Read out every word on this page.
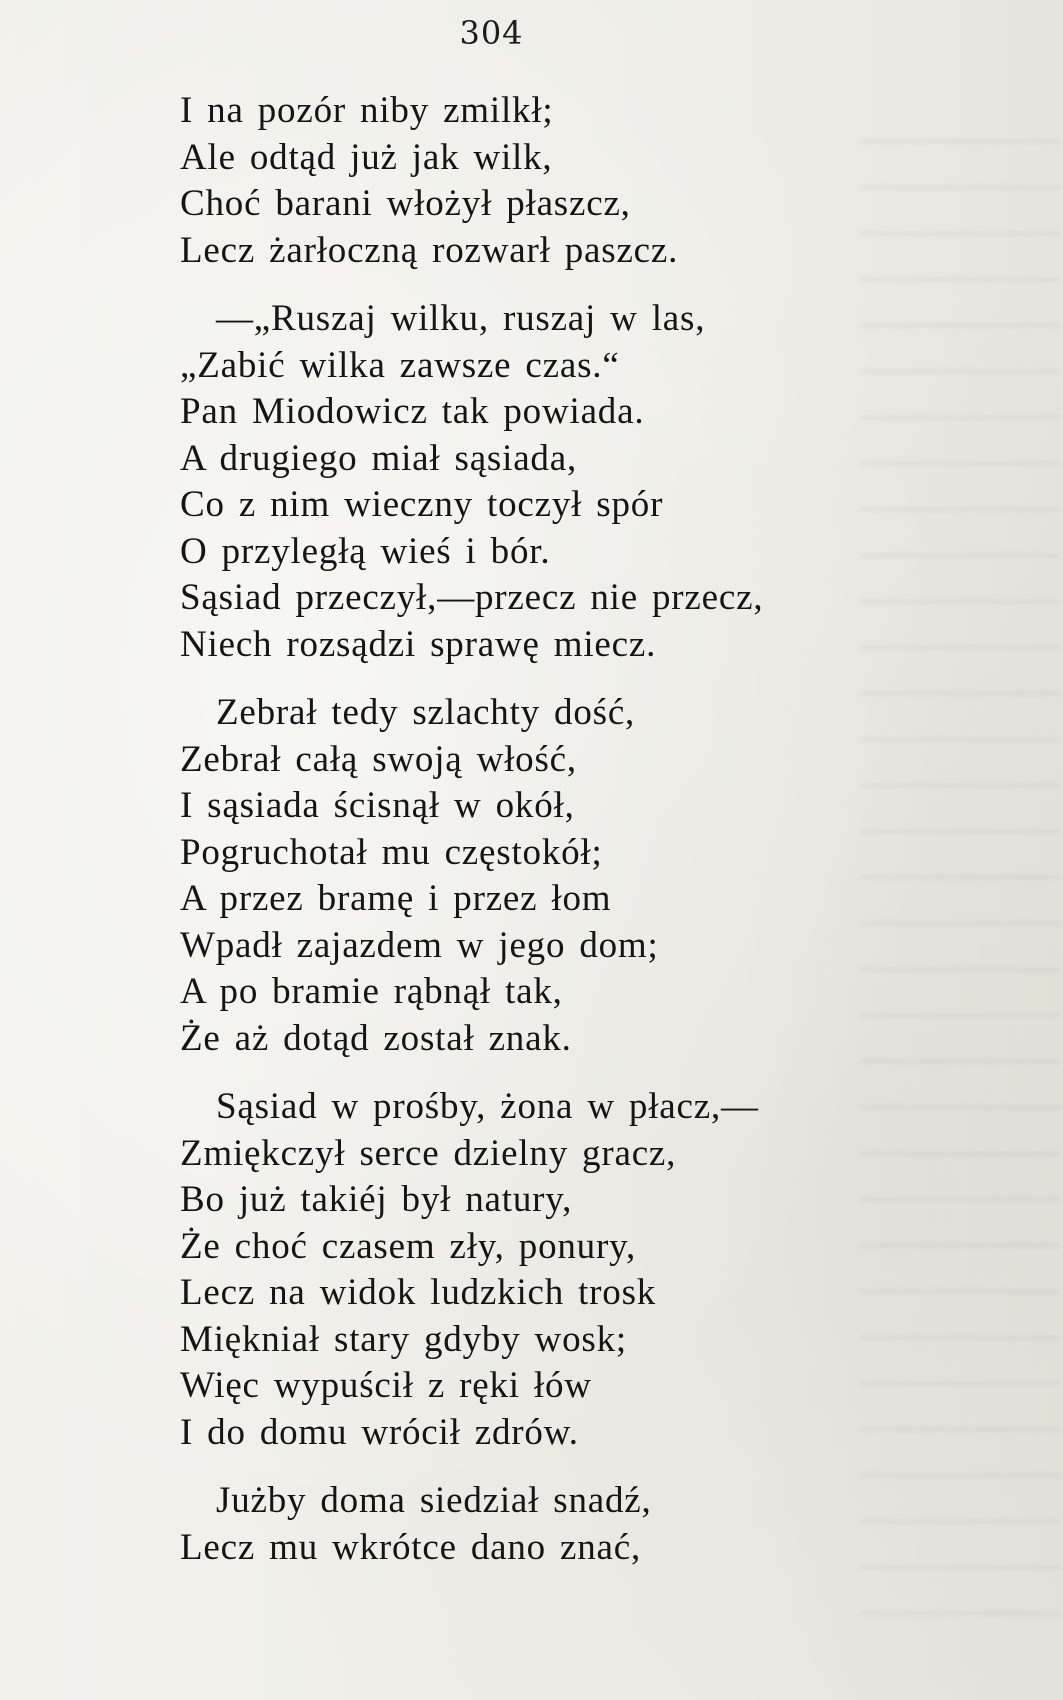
304
I na pozór niby zmilkł;
Ale odtąd już jak wilk,
Choć barani włożył płaszcz,
Lecz żarłoczną rozwarł paszcz.
—„Ruszaj wilku, ruszaj w las,
„Zabić wilka zawsze czas.“
Pan Miodowicz tak powiada.
A drugiego miał sąsiada,
Co z nim wieczny toczył spór
O przyległą wieś i bór.
Sąsiad przeczył,—przecz nie przecz,
Niech rozsądzi sprawę miecz.
Zebrał tedy szlachty dość,
Zebrał całą swoją włość,
I sąsiada ścisnął w okół,
Pogruchotał mu częstokół;
A przez bramę i przez łom
Wpadł zajazdem w jego dom;
A po bramie rąbnął tak,
Że aż dotąd został znak.
Sąsiad w prośby, żona w płacz,—
Zmiękczył serce dzielny gracz,
Bo już takiéj był natury,
Że choć czasem zły, ponury,
Lecz na widok ludzkich trosk
Miękniał stary gdyby wosk;
Więc wypuścił z ręki łów
I do domu wrócił zdrów.
Jużby doma siedział snadź,
Lecz mu wkrótce dano znać,
